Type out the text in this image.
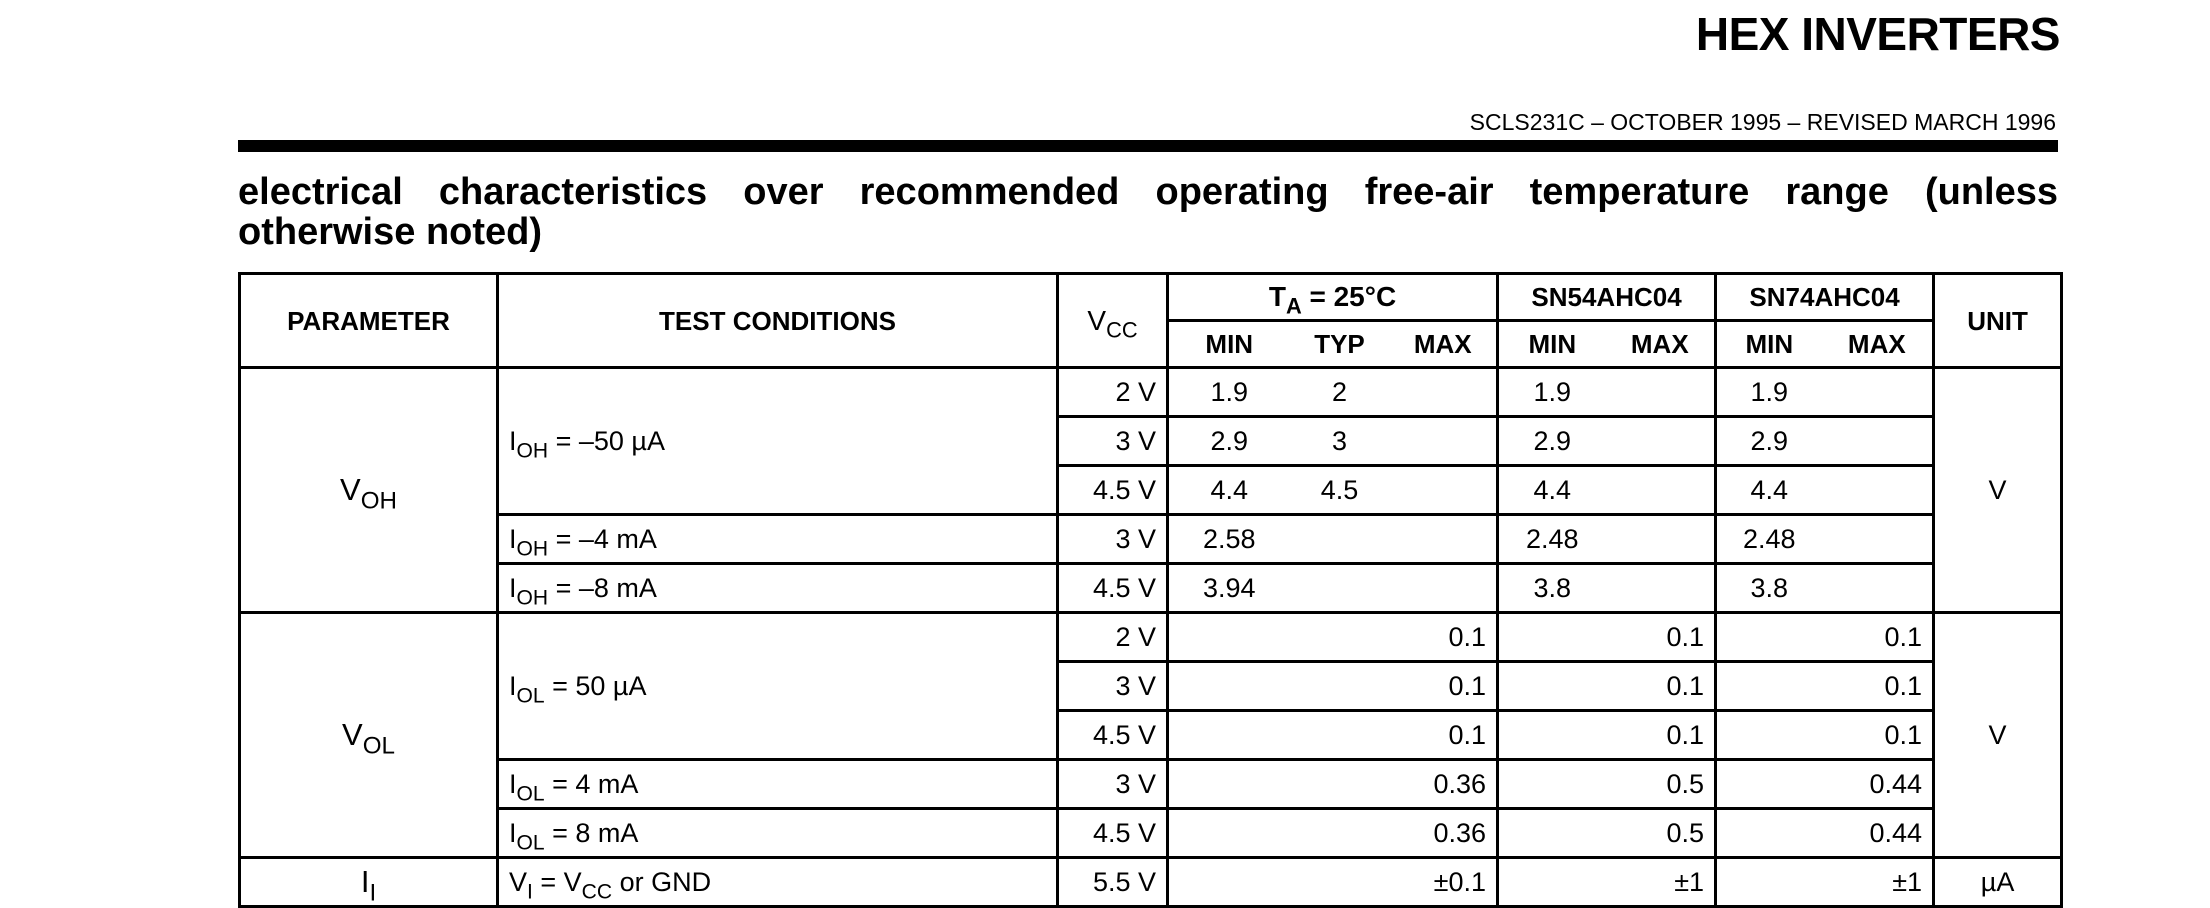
HEX INVERTERS
SCLS231C – OCTOBER 1995 – REVISED MARCH 1996
electrical characteristics over recommended operating free-air temperature range (unless
otherwise noted)
PARAMETER	TEST CONDITIONS	$V_{CC}$	$T_A = 25^\circ C$			SN54AHC04		SN74AHC04		UNIT
			MIN	TYP	MAX	MIN	MAX	MIN	MAX	
$V_{OH}$	$I_{OH} = -50$ µA	2 V	1.9	2		1.9		1.9		V
		3 V	2.9	3		2.9		2.9		
		4.5 V	4.4	4.5		4.4		4.4		
	$I_{OH} = -4$ mA	3 V	2.58			2.48		2.48		
	$I_{OH} = -8$ mA	4.5 V	3.94			3.8		3.8		
$V_{OL}$	$I_{OL} = 50$ µA	2 V			0.1		0.1		0.1	V
		3 V			0.1		0.1		0.1	
		4.5 V			0.1		0.1		0.1	
	$I_{OL} = 4$ mA	3 V			0.36		0.5		0.44	
	$I_{OL} = 8$ mA	4.5 V			0.36		0.5		0.44	
$I_I$	$V_I = V_{CC}$ or GND	5.5 V			±0.1		±1		±1	µA
